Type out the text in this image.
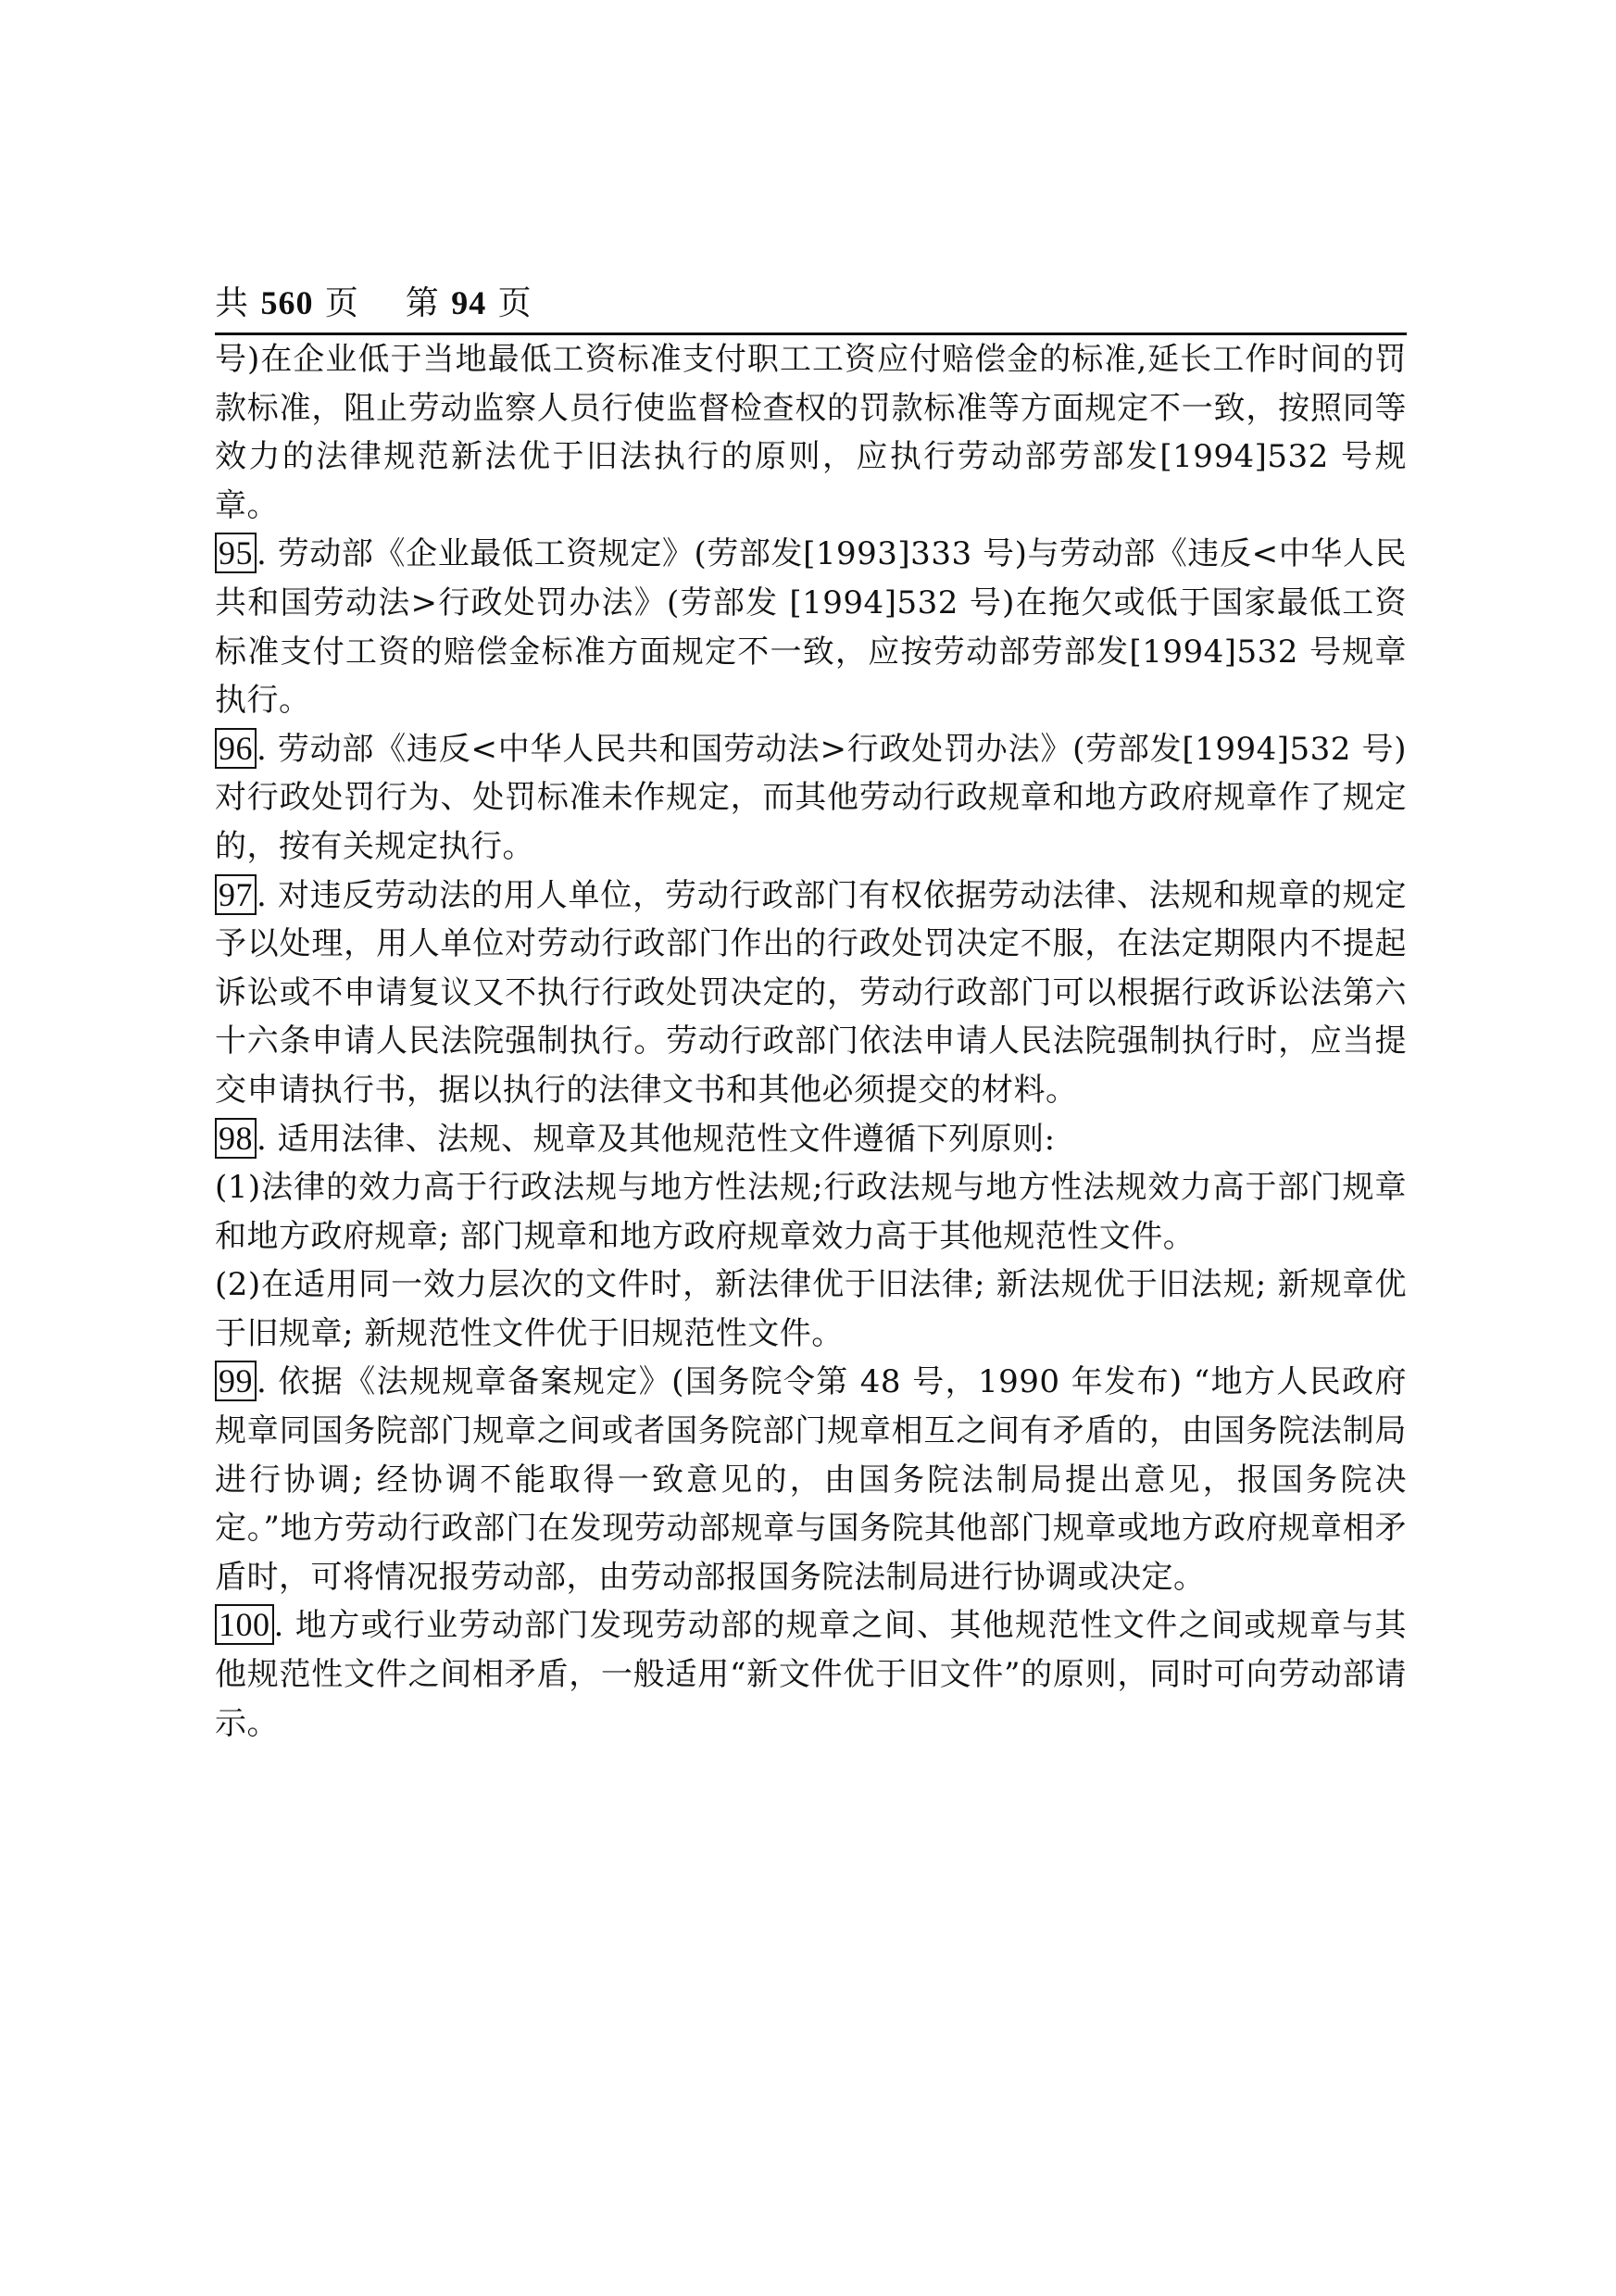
共 560 页 第 94 页

号)在企业低于当地最低工资标准支付职工工资应付赔偿金的标准,延长工作时间的罚款标准，阻止劳动监察人员行使监督检查权的罚款标准等方面规定不一致，按照同等效力的法律规范新法优于旧法执行的原则，应执行劳动部劳部发[1994]532 号规章。

95 . 劳动部《企业最低工资规定》(劳部发[1993]333 号)与劳动部《违反<中华人民共和国劳动法>行政处罚办法》(劳部发 [1994]532 号)在拖欠或低于国家最低工资标准支付工资的赔偿金标准方面规定不一致，应按劳动部劳部发[1994]532 号规章执行。

96 . 劳动部《违反<中华人民共和国劳动法>行政处罚办法》(劳部发[1994]532 号)对行政处罚行为、处罚标准未作规定，而其他劳动行政规章和地方政府规章作了规定的，按有关规定执行。

97 . 对违反劳动法的用人单位，劳动行政部门有权依据劳动法律、法规和规章的规定予以处理，用人单位对劳动行政部门作出的行政处罚决定不服，在法定期限内不提起诉讼或不申请复议又不执行行政处罚决定的，劳动行政部门可以根据行政诉讼法第六十六条申请人民法院强制执行。劳动行政部门依法申请人民法院强制执行时，应当提交申请执行书，据以执行的法律文书和其他必须提交的材料。

98 . 适用法律、法规、规章及其他规范性文件遵循下列原则:

(1)法律的效力高于行政法规与地方性法规;行政法规与地方性法规效力高于部门规章和地方政府规章; 部门规章和地方政府规章效力高于其他规范性文件。

(2)在适用同一效力层次的文件时，新法律优于旧法律; 新法规优于旧法规; 新规章优于旧规章; 新规范性文件优于旧规范性文件。

99 . 依据《法规规章备案规定》(国务院令第 48 号，1990 年发布) “地方人民政府规章同国务院部门规章之间或者国务院部门规章相互之间有矛盾的，由国务院法制局进行协调; 经协调不能取得一致意见的，由国务院法制局提出意见，报国务院决定。”地方劳动行政部门在发现劳动部规章与国务院其他部门规章或地方政府规章相矛盾时，可将情况报劳动部，由劳动部报国务院法制局进行协调或决定。

100 . 地方或行业劳动部门发现劳动部的规章之间、其他规范性文件之间或规章与其他规范性文件之间相矛盾，一般适用“新文件优于旧文件”的原则，同时可向劳动部请示。
